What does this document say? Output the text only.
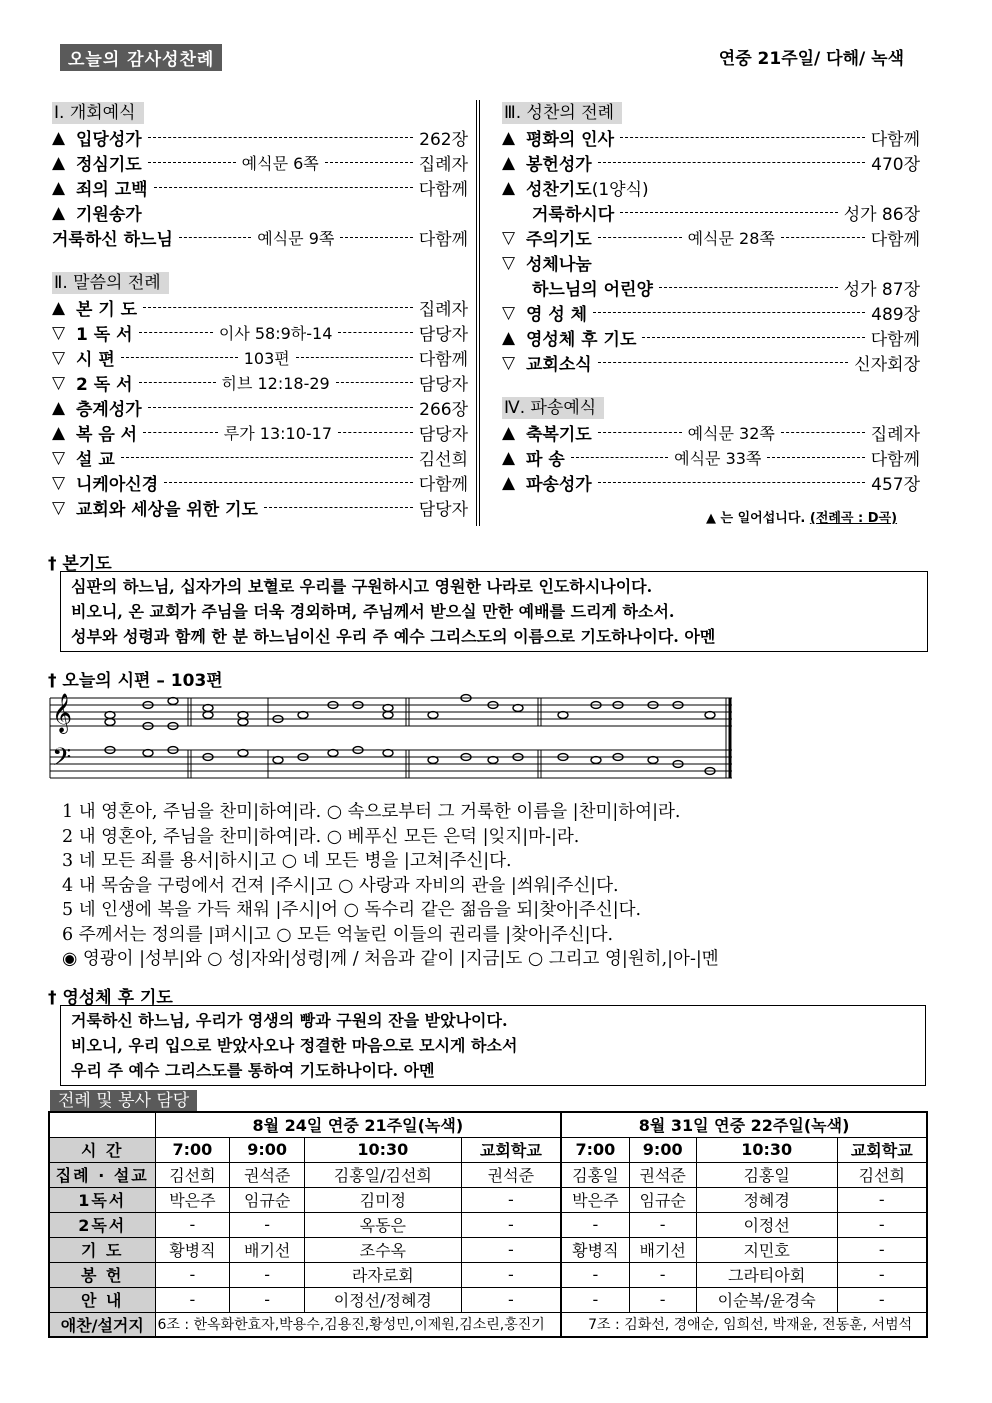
오늘의 감사성찬례	연중 21주일/ 다해/ 녹색
Ⅰ. 개회예식
▲ 입당성가	262장
▲ 정심기도	예식문 6쪽	집례자
▲ 죄의 고백	다함께
▲ 기원송가
거룩하신 하느님	예식문 9쪽	다함께
Ⅱ. 말씀의 전례
▲ 본 기 도	집례자
▽ 1 독 서	이사 58:9하-14	담당자
▽ 시 편	103편	다함께
▽ 2 독 서	히브 12:18-29	담당자
▲ 층계성가	266장
▲ 복 음 서	루가 13:10-17	담당자
▽ 설 교	김선희
▽ 니케아신경	다함께
▽ 교회와 세상을 위한 기도	담당자
Ⅲ. 성찬의 전례
▲ 평화의 인사	다함께
▲ 봉헌성가	470장
▲ 성찬기도 (1양식)
거룩하시다	성가 86장
▽ 주의기도	예식문 28쪽	다함께
▽ 성체나눔
하느님의 어린양	성가 87장
▽ 영 성 체	489장
▲ 영성체 후 기도	다함께
▽ 교회소식	신자회장
Ⅳ. 파송예식
▲ 축복기도	예식문 32쪽	집례자
▲ 파 송	예식문 33쪽	다함께
▲ 파송성가	457장
▲ 는 일어섭니다. (전례곡 : D곡)
† 본기도
심판의 하느님, 십자가의 보혈로 우리를 구원하시고 영원한 나라로 인도하시나이다.
비오니, 온 교회가 주님을 더욱 경외하며, 주님께서 받으실 만한 예배를 드리게 하소서.
성부와 성령과 함께 한 분 하느님이신 우리 주 예수 그리스도의 이름으로 기도하나이다. 아멘
† 오늘의 시편 – 103편
𝄞
𝄢
1 내 영혼아, 주님을 찬미|하여|라. ○ 속으로부터 그 거룩한 이름을 |찬미|하여|라.
2 내 영혼아, 주님을 찬미|하여|라. ○ 베푸신 모든 은덕 |잊지|마-|라.
3 네 모든 죄를 용서|하시|고 ○ 네 모든 병을 |고쳐|주신|다.
4 내 목숨을 구렁에서 건져 |주시|고 ○ 사랑과 자비의 관을 |씌워|주신|다.
5 네 인생에 복을 가득 채워 |주시|어 ○ 독수리 같은 젊음을 되|찾아|주신|다.
6 주께서는 정의를 |펴시|고 ○ 모든 억눌린 이들의 권리를 |찾아|주신|다.
◉ 영광이 |성부|와 ○ 성|자와|성령|께 / 처음과 같이 |지금|도 ○ 그리고 영|원히,|아-|멘
† 영성체 후 기도
거룩하신 하느님, 우리가 영생의 빵과 구원의 잔을 받았나이다.
비오니, 우리 입으로 받았사오나 정결한 마음으로 모시게 하소서
우리 주 예수 그리스도를 통하여 기도하나이다. 아멘
전례 및 봉사 담당
	8월 24일 연중 21주일(녹색)				8월 31일 연중 22주일(녹색)			
시 간	7:00	9:00	10:30	교회학교	7:00	9:00	10:30	교회학교
집례 · 설교	김선희	권석준	김홍일/김선희	권석준	김홍일	권석준	김홍일	김선희
1독서	박은주	임규순	김미정	-	박은주	임규순	정혜경	-
2독서	-	-	옥동은	-	-	-	이정선	-
기 도	황병직	배기선	조수옥	-	황병직	배기선	지민호	-
봉 헌	-	-	라자로회	-	-	-	그라티아회	-
안 내	-	-	이정선/정혜경	-	-	-	이순복/윤경숙	-
애찬/설거지	6조 : 한옥화한효자,박용수,김용진,황성민,이제원,김소린,홍진기				7조 : 김화선, 경애순, 임희선, 박재윤, 전동훈, 서범석			
